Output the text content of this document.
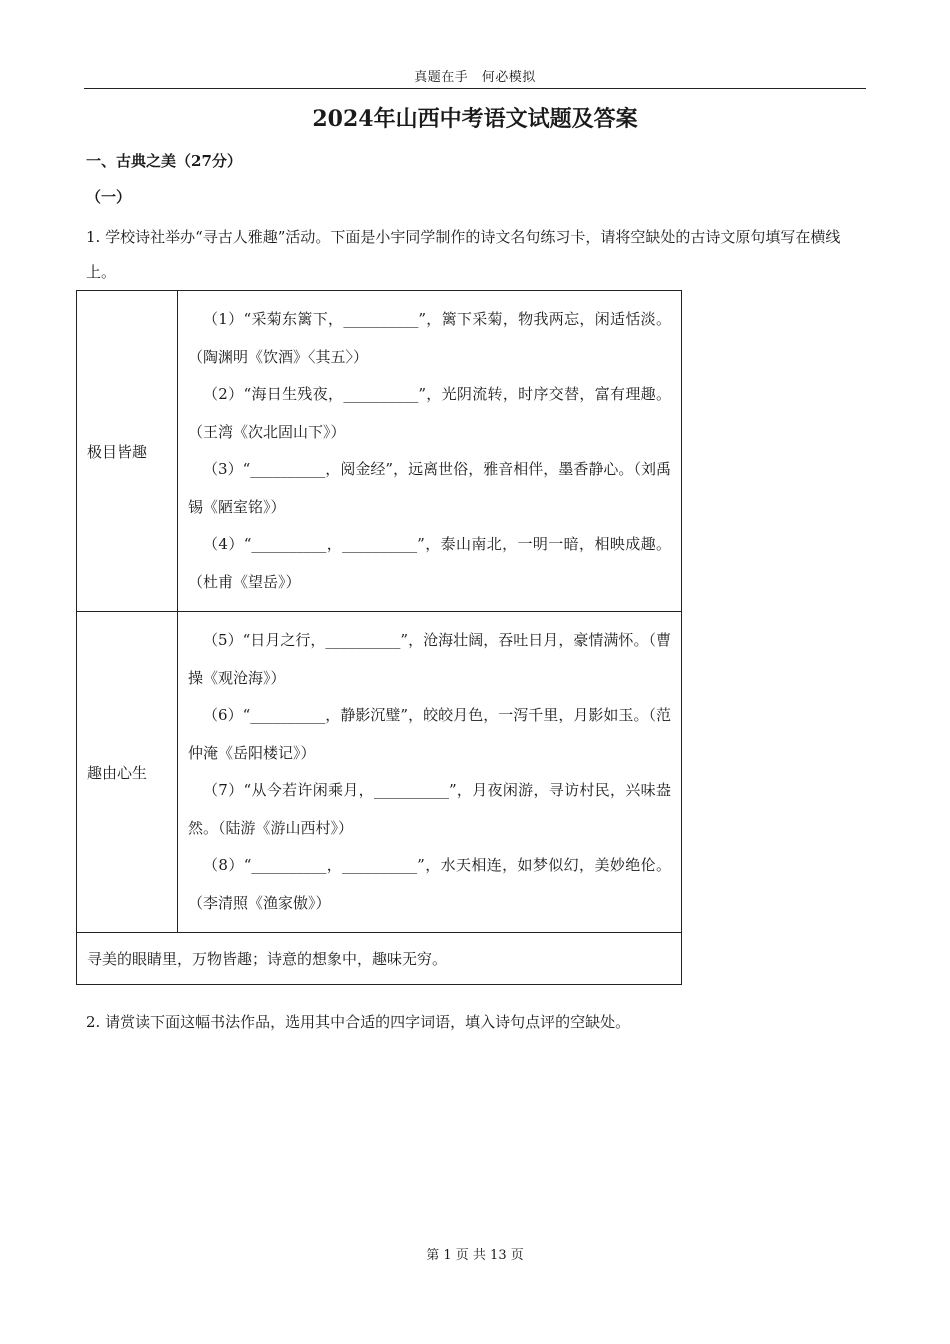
真题在手　何必模拟
2024年山西中考语文试题及答案
一、古典之美（27分）
（一）

1. 学校诗社举办“寻古人雅趣”活动。下面是小宇同学制作的诗文名句练习卡，请将空缺处的古诗文原句填写在横线上。

极目皆趣	（1）“采菊东篱下，__________”，篱下采菊，物我两忘，闲适恬淡。（陶渊明《饮酒》〈其五〉）
（2）“海日生残夜，__________”，光阴流转，时序交替，富有理趣。（王湾《次北固山下》）
（3）“__________，阅金经”，远离世俗，雅音相伴，墨香静心。（刘禹锡《陋室铭》）
（4）“__________，__________”，泰山南北，一明一暗，相映成趣。（杜甫《望岳》）

趣由心生	（5）“日月之行，__________”，沧海壮阔，吞吐日月，豪情满怀。（曹操《观沧海》）
（6）“__________，静影沉璧”，皎皎月色，一泻千里，月影如玉。（范仲淹《岳阳楼记》）
（7）“从今若许闲乘月，__________”，月夜闲游，寻访村民，兴味盎然。（陆游《游山西村》）
（8）“__________，__________”，水天相连，如梦似幻，美妙绝伦。（李清照《渔家傲》）

寻美的眼睛里，万物皆趣；诗意的想象中，趣味无穷。	

2. 请赏读下面这幅书法作品，选用其中合适的四字词语，填入诗句点评的空缺处。

第 1 页 共 13 页
